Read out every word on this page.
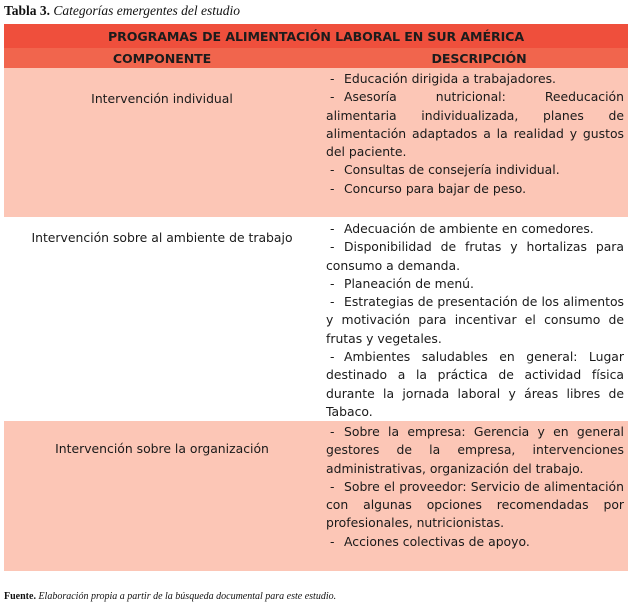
Tabla 3. Categorías emergentes del estudio
PROGRAMAS DE ALIMENTACIÓN LABORAL EN SUR AMÉRICA
COMPONENTE	DESCRIPCIÓN
Intervención individual

- Educación dirigida a trabajadores.

- Asesoría nutricional: Reeducación alimentaria individualizada, planes de alimentación adaptados a la realidad y gustos del paciente.

- Consultas de consejería individual.

- Concurso para bajar de peso.

Intervención sobre al ambiente de trabajo

- Adecuación de ambiente en comedores.

- Disponibilidad de frutas y hortalizas para consumo a demanda.

- Planeación de menú.

- Estrategias de presentación de los alimentos y motivación para incentivar el consumo de frutas y vegetales.

- Ambientes saludables en general: Lugar destinado a la práctica de actividad física durante la jornada laboral y áreas libres de Tabaco.

Intervención sobre la organización

- Sobre la empresa: Gerencia y en general gestores de la empresa, intervenciones administrativas, organización del trabajo.

- Sobre el proveedor: Servicio de alimentación con algunas opciones recomendadas por profesionales, nutricionistas.

- Acciones colectivas de apoyo.

Fuente. Elaboración propia a partir de la búsqueda documental para este estudio.
